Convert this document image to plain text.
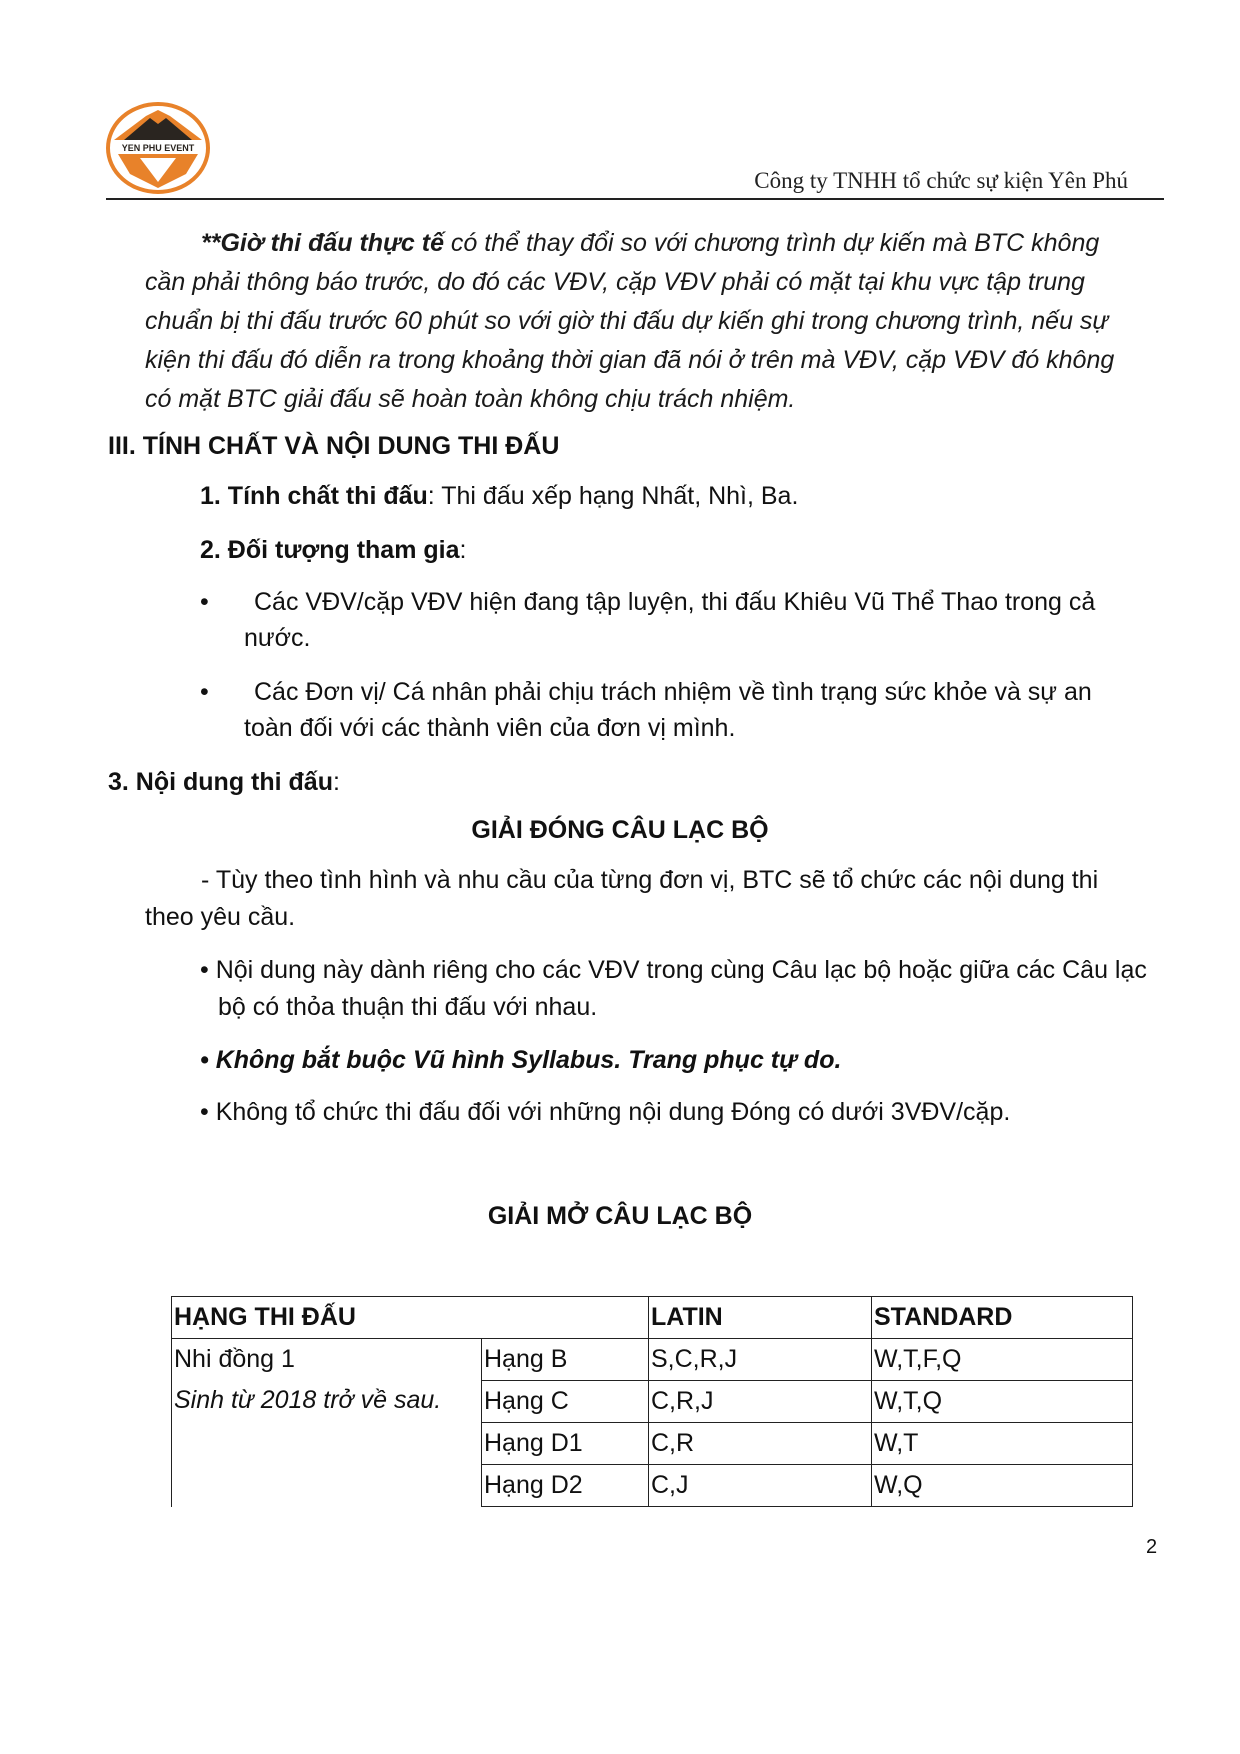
YEN PHU EVENT
Công ty TNHH tổ chức sự kiện Yên Phú
**Giờ thi đấu thực tế có thể thay đổi so với chương trình dự kiến mà BTC không cần phải thông báo trước, do đó các VĐV, cặp VĐV phải có mặt tại khu vực tập trung chuẩn bị thi đấu trước 60 phút so với giờ thi đấu dự kiến ghi trong chương trình, nếu sự kiện thi đấu đó diễn ra trong khoảng thời gian đã nói ở trên mà VĐV, cặp VĐV đó không có mặt BTC giải đấu sẽ hoàn toàn không chịu trách nhiệm.
III. TÍNH CHẤT VÀ NỘI DUNG THI ĐẤU
1. Tính chất thi đấu: Thi đấu xếp hạng Nhất, Nhì, Ba.
2. Đối tượng tham gia:
•	Các VĐV/cặp VĐV hiện đang tập luyện, thi đấu Khiêu Vũ Thể Thao trong cả nước.
•	Các Đơn vị/ Cá nhân phải chịu trách nhiệm về tình trạng sức khỏe và sự an toàn đối với các thành viên của đơn vị mình.
3. Nội dung thi đấu:
GIẢI ĐÓNG CÂU LẠC BỘ
- Tùy theo tình hình và nhu cầu của từng đơn vị, BTC sẽ tổ chức các nội dung thi theo yêu cầu.
• Nội dung này dành riêng cho các VĐV trong cùng Câu lạc bộ hoặc giữa các Câu lạc
bộ có thỏa thuận thi đấu với nhau.
• Không bắt buộc Vũ hình Syllabus. Trang phục tự do.
• Không tổ chức thi đấu đối với những nội dung Đóng có dưới 3VĐV/cặp.
GIẢI MỞ CÂU LẠC BỘ
HẠNG THI ĐẤU		LATIN	STANDARD

Nhi đồng 1
Sinh từ 2018 trở về sau.	Hạng B	S,C,R,J	W,T,F,Q
	Hạng C	C,R,J	W,T,Q
	Hạng D1	C,R	W,T
	Hạng D2	C,J	W,Q
2
